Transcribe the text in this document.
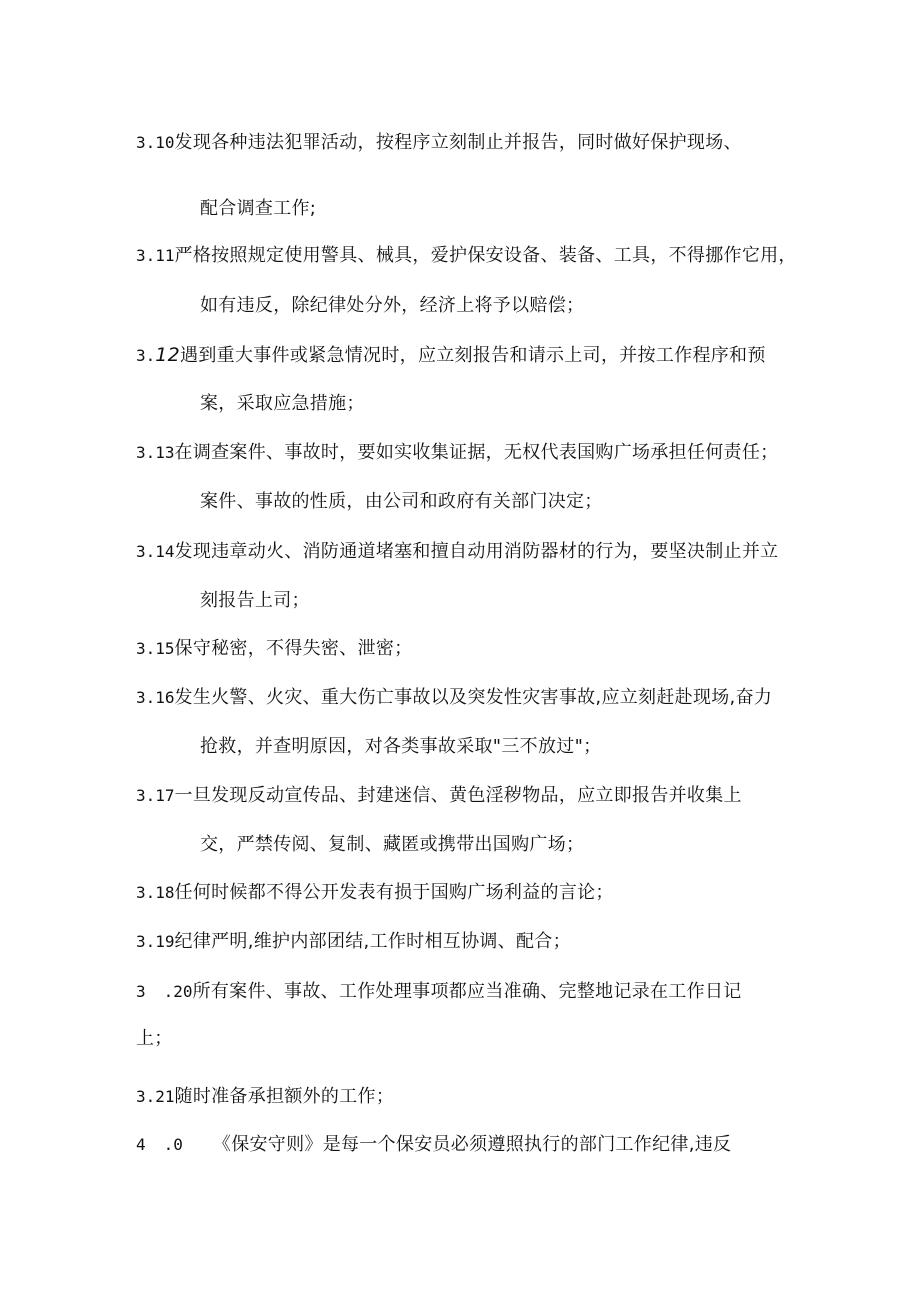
3.10发现各种违法犯罪活动，按程序立刻制止并报告，同时做好保护现场、
配合调查工作;
3.11严格按照规定使用警具、械具，爱护保安设备、装备、工具，不得挪作它用，
如有违反，除纪律处分外，经济上将予以赔偿；
3.12遇到重大事件或紧急情况时，应立刻报告和请示上司，并按工作程序和预
案，采取应急措施；
3.13在调查案件、事故时，要如实收集证据，无权代表国购广场承担任何责任；
案件、事故的性质，由公司和政府有关部门决定；
3.14发现违章动火、消防通道堵塞和擅自动用消防器材的行为，要坚决制止并立
刻报告上司；
3.15保守秘密，不得失密、泄密；
3.16发生火警、火灾、重大伤亡事故以及突发性灾害事故,应立刻赶赴现场,奋力
抢救，并查明原因，对各类事故采取"三不放过"；
3.17一旦发现反动宣传品、封建迷信、黄色淫秽物品，应立即报告并收集上
交，严禁传阅、复制、藏匿或携带出国购广场；
3.18任何时候都不得公开发表有损于国购广场利益的言论；
3.19纪律严明,维护内部团结,工作时相互协调、配合；
3 .20所有案件、事故、工作处理事项都应当准确、完整地记录在工作日记
上；
3.21随时准备承担额外的工作；
4 .0 《保安守则》是每一个保安员必须遵照执行的部门工作纪律,违反
